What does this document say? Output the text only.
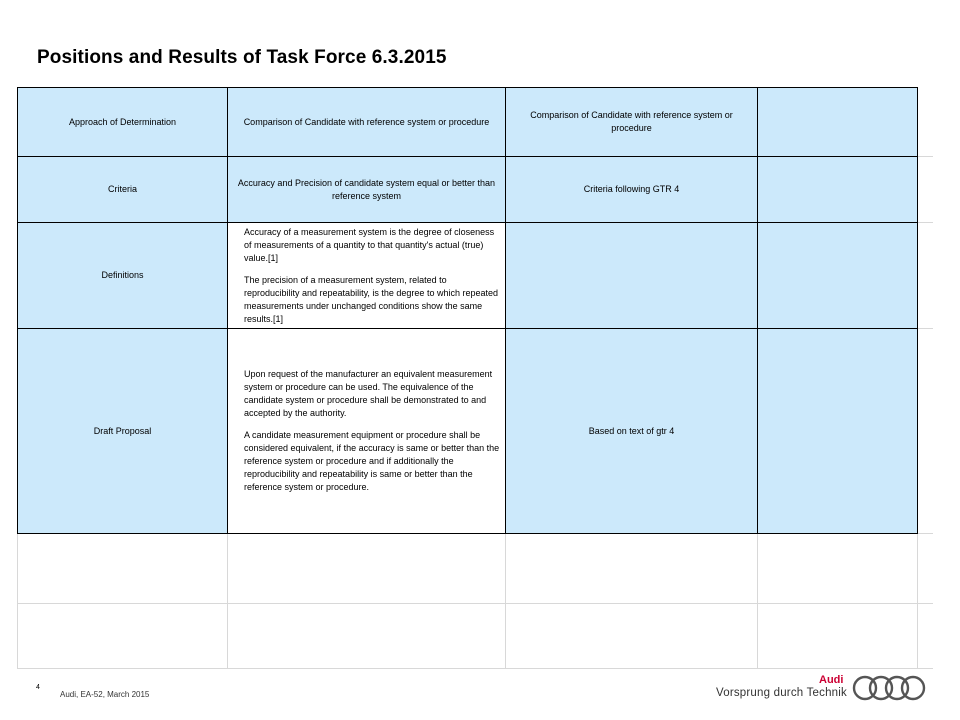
Positions and Results of Task Force 6.3.2015
Approach of Determination	Comparison of Candidate with reference system or procedure
Comparison of Candidate with reference system or procedure
Criteria
Accuracy and Precision of candidate system equal or better than reference system
Criteria following GTR 4
Definitions
Accuracy of a measurement system is the degree of closeness of measurements of a quantity to that quantity's actual (true) value.[1]
The precision of a measurement system, related to reproducibility and repeatability, is the degree to which repeated measurements under unchanged conditions show the same results.[1]
Draft Proposal
Upon request of the manufacturer an equivalent measurement system or procedure can be used. The equivalence of the candidate system or procedure shall be demonstrated to and accepted by the authority.
A candidate measurement equipment or procedure shall be considered equivalent, if the accuracy is same or better than the reference system or procedure and if additionally the reproducibility and repeatability is same or better than the reference system or procedure.
Based on text of gtr 4
4
Audi, EA-52, March 2015
Audi
Vorsprung durch Technik
